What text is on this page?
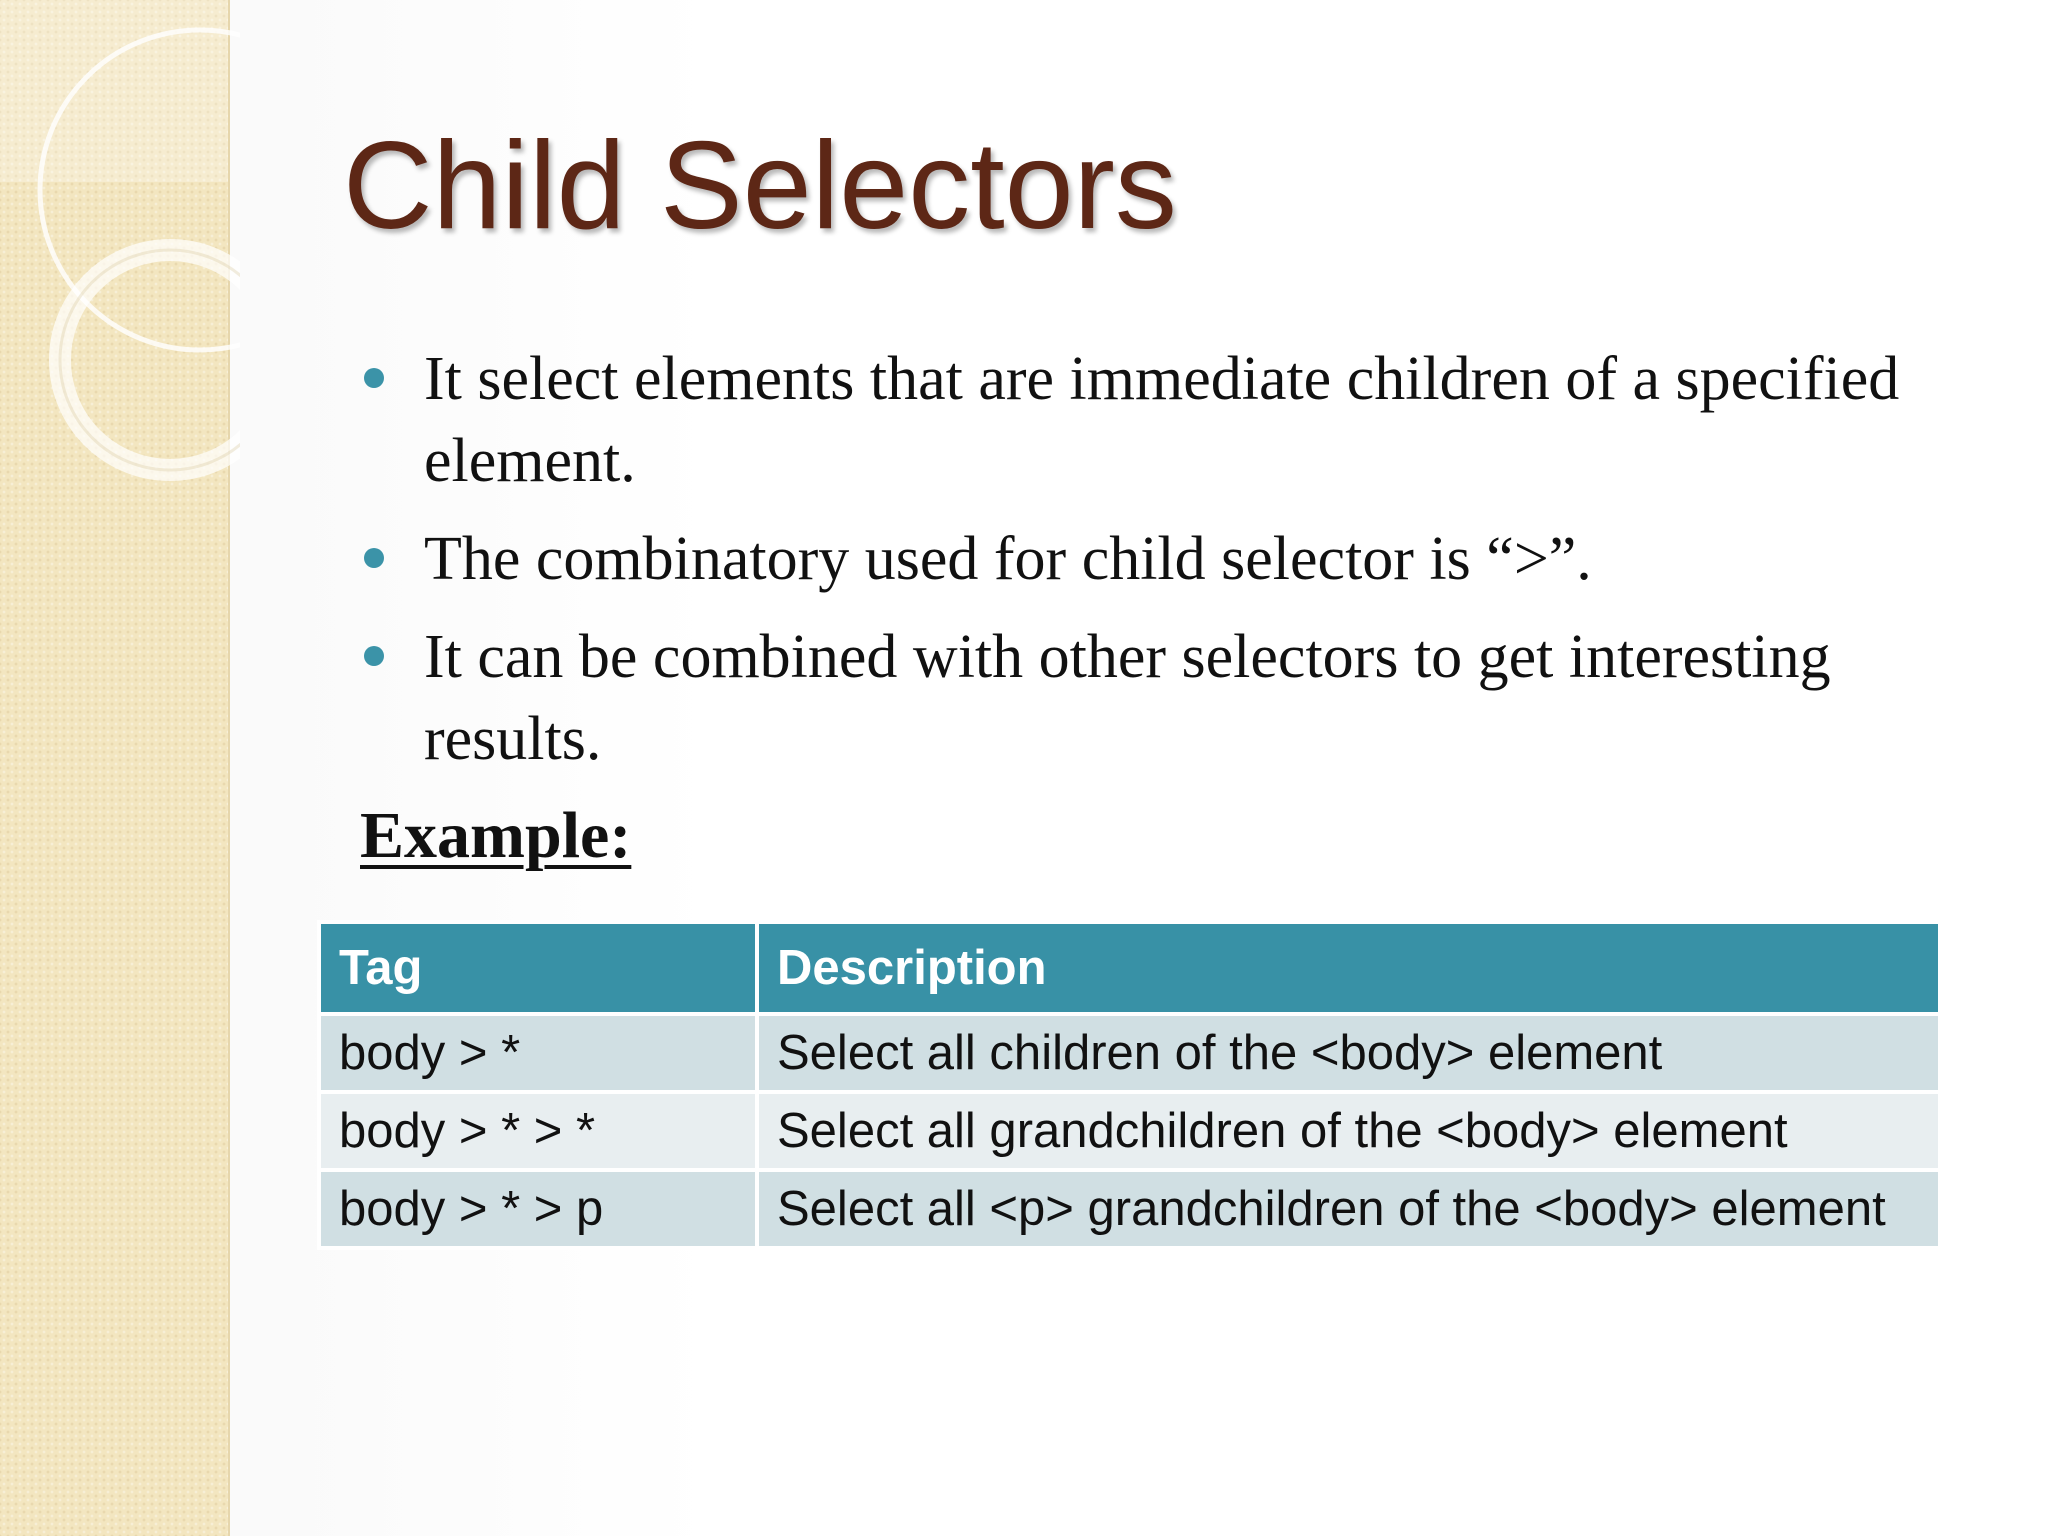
Child Selectors
It select elements that are immediate children of a specified element.
The combinatory used for child selector is “>”.
It can be combined with other selectors to get interesting results.
Example:
Tag	Description
body > *	Select all children of the <body> element
body > * > *	Select all grandchildren of the <body> element
body > * > p	Select all <p> grandchildren of the <body> element
